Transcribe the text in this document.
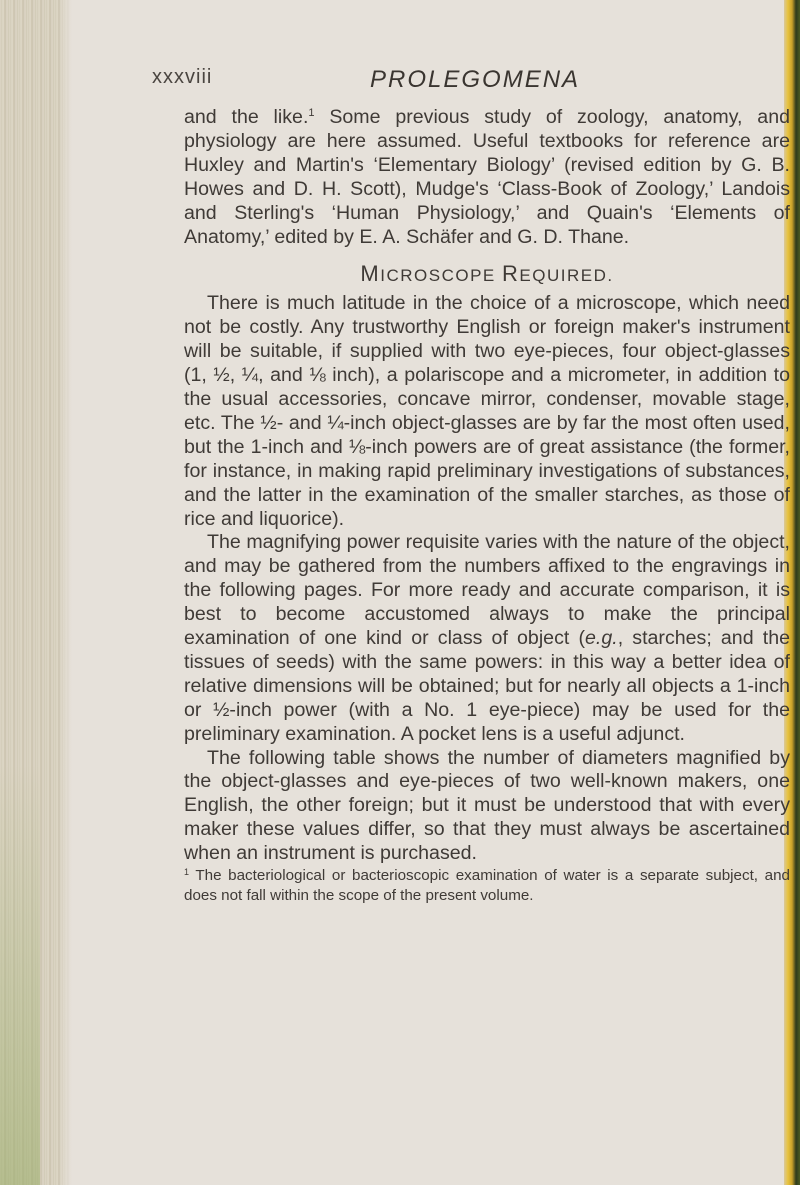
xxxviii	PROLEGOMENA

and the like.$^1$ Some previous study of zoology, anatomy, and physiology are here assumed. Useful textbooks for reference are Huxley and Martin's ‘Elementary Biology’ (revised edition by G. B. Howes and D. H. Scott), Mudge's ‘Class-Book of Zoology,’ Landois and Sterling's ‘Human Physiology,’ and Quain's ‘Elements of Anatomy,’ edited by E. A. Schäfer and G. D. Thane.

MICROSCOPE REQUIRED.

There is much latitude in the choice of a microscope, which need not be costly. Any trustworthy English or foreign maker's instrument will be suitable, if supplied with two eye-pieces, four object-glasses (1, ½, ¼, and ⅛ inch), a polariscope and a micrometer, in addition to the usual accessories, concave mirror, condenser, movable stage, etc. The ½- and ¼-inch object-glasses are by far the most often used, but the 1-inch and ⅛-inch powers are of great assistance (the former, for instance, in making rapid preliminary investigations of substances, and the latter in the examination of the smaller starches, as those of rice and liquorice).

The magnifying power requisite varies with the nature of the object, and may be gathered from the numbers affixed to the engravings in the following pages. For more ready and accurate comparison, it is best to become accustomed always to make the principal examination of one kind or class of object (e.g., starches; and the tissues of seeds) with the same powers: in this way a better idea of relative dimensions will be obtained; but for nearly all objects a 1-inch or ½-inch power (with a No. 1 eye-piece) may be used for the preliminary examination. A pocket lens is a useful adjunct.

The following table shows the number of diameters magnified by the object-glasses and eye-pieces of two well-known makers, one English, the other foreign; but it must be understood that with every maker these values differ, so that they must always be ascertained when an instrument is purchased.

$^1$ The bacteriological or bacterioscopic examination of water is a separate subject, and does not fall within the scope of the present volume.
